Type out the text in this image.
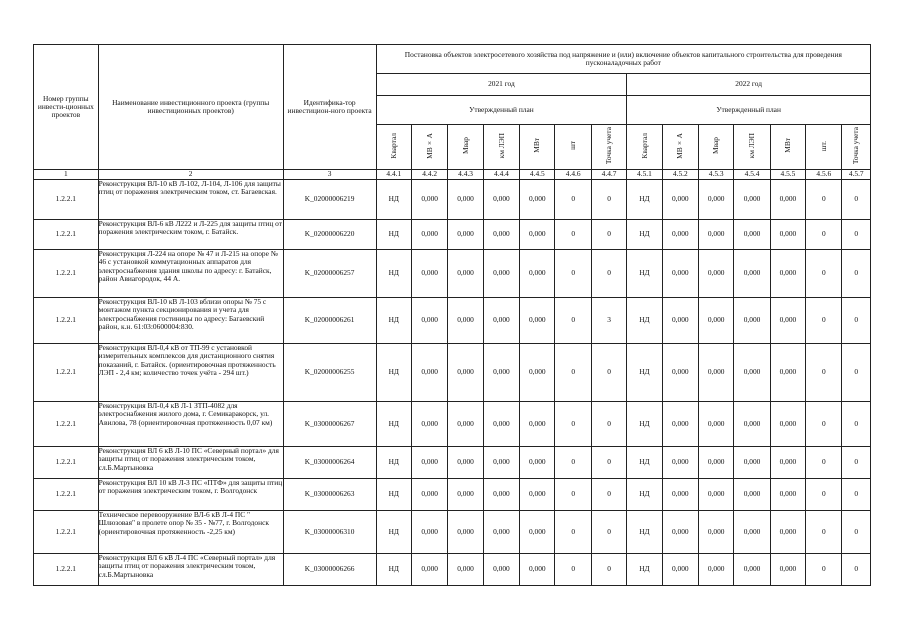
Номер группы инвести-ционных проектов	Наименование инвестиционного проекта (группы инвестиционных проектов)	Идентифика-тор инвестицион-ного проекта	Постановка объектов электросетевого хозяйства под напряжение и (или) включение объектов капитального строительства для проведения пусконаладочных работ													
			2021 год							2022 год						
			Утвержденный план							Утвержденный план						
			Квартал	МВ×А	Мвар	км ЛЭП	МВт	шт	Точка учета	Квартал	МВ×А	Мвар	км ЛЭП	МВт	шт.	Точка учета
1	2	3	4.4.1	4.4.2	4.4.3	4.4.4	4.4.5	4.4.6	4.4.7	4.5.1	4.5.2	4.5.3	4.5.4	4.5.5	4.5.6	4.5.7
1.2.2.1	Реконструкция ВЛ-10 кВ Л-102, Л-104, Л-106 для защиты птиц от поражения электрическим током, ст. Багаевская.	K_02000006219	НД	0,000	0,000	0,000	0,000	0	0	НД	0,000	0,000	0,000	0,000	0	0
1.2.2.1	Реконструкция ВЛ-6 кВ Л222 и Л-225 для защиты птиц от поражения электрическим током, г. Батайск.	K_02000006220	НД	0,000	0,000	0,000	0,000	0	0	НД	0,000	0,000	0,000	0,000	0	0
1.2.2.1	Реконструкция Л-224 на опоре № 47 и Л-215 на опоре № 46 с установкой коммутационных аппаратов для электроснабжения здания школы по адресу: г. Батайск, район Авиагородок, 44 А.	K_02000006257	НД	0,000	0,000	0,000	0,000	0	0	НД	0,000	0,000	0,000	0,000	0	0
1.2.2.1	Реконструкция ВЛ-10 кВ Л-103 вблизи опоры № 75 с монтажом пункта секционирования и учета для электроснабжения гостиницы по адресу: Багаевский район, к.н. 61:03:0600004:830.	K_02000006261	НД	0,000	0,000	0,000	0,000	0	3	НД	0,000	0,000	0,000	0,000	0	0
1.2.2.1	Реконструкция ВЛ-0,4 кВ от ТП-99 с установкой измерительных комплексов для дистанционного снятия показаний, г. Батайск. (ориентировочная протяженность ЛЭП - 2,4 км; количество точек учёта - 294 шт.)	K_02000006255	НД	0,000	0,000	0,000	0,000	0	0	НД	0,000	0,000	0,000	0,000	0	0
1.2.2.1	Реконструкция ВЛ-0,4 кВ Л-1 ЗТП-4082 для электроснабжения жилого дома, г. Семикаракорск, ул. Авилова, 78 (ориентировочная протяженность 0,07 км)	K_03000006267	НД	0,000	0,000	0,000	0,000	0	0	НД	0,000	0,000	0,000	0,000	0	0
1.2.2.1	Реконструкция ВЛ 6 кВ Л-10 ПС «Северный портал» для защиты птиц от поражения электрическим током, сл.Б.Мартыновка	K_03000006264	НД	0,000	0,000	0,000	0,000	0	0	НД	0,000	0,000	0,000	0,000	0	0
1.2.2.1	Реконструкция ВЛ 10 кВ Л-3 ПС «ПТФ» для защиты птиц от поражения электрическим током, г. Волгодонск	K_03000006263	НД	0,000	0,000	0,000	0,000	0	0	НД	0,000	0,000	0,000	0,000	0	0
1.2.2.1	Техническое перевооружение ВЛ-6 кВ Л-4 ПС " Шлюзовая" в пролете опор № 35 - №77, г. Волгодонск (ориентировочная протяженность -2,25 км)	K_03000006310	НД	0,000	0,000	0,000	0,000	0	0	НД	0,000	0,000	0,000	0,000	0	0
1.2.2.1	Реконструкция ВЛ 6 кВ Л-4 ПС «Северный портал» для защиты птиц от поражения электрическим током, сл.Б.Мартыновка	K_03000006266	НД	0,000	0,000	0,000	0,000	0	0	НД	0,000	0,000	0,000	0,000	0	0
